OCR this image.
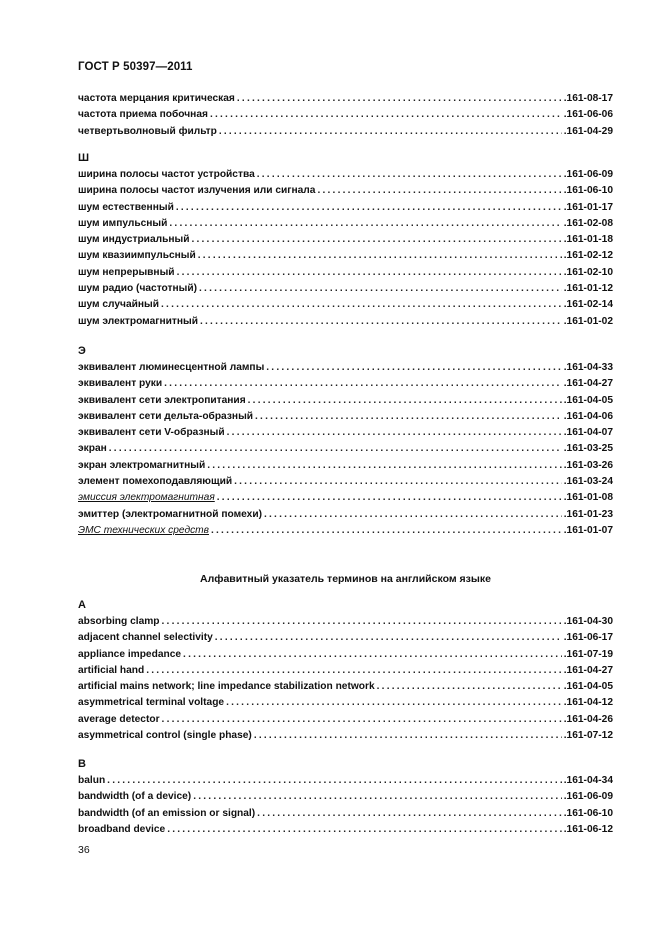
ГОСТ Р 50397—2011
частота мерцания критическая .....	.161-08-17
частота приема побочная .....	.161-06-06
четвертьволновый фильтр .....	.161-04-29
Ш
ширина полосы частот устройства .....	.161-06-09
ширина полосы частот излучения или сигнала .....	.161-06-10
шум естественный .....	.161-01-17
шум импульсный .....	.161-02-08
шум индустриальный .....	.161-01-18
шум квазиимпульсный .....	.161-02-12
шум непрерывный .....	.161-02-10
шум радио (частотный) .....	.161-01-12
шум случайный .....	.161-02-14
шум электромагнитный .....	.161-01-02
Э
эквивалент люминесцентной лампы .....	.161-04-33
эквивалент руки .....	.161-04-27
эквивалент сети электропитания .....	.161-04-05
эквивалент сети дельта-образный .....	.161-04-06
эквивалент сети V-образный .....	.161-04-07
экран .....	.161-03-25
экран электромагнитный .....	.161-03-26
элемент помехоподавляющий .....	.161-03-24
эмиссия электромагнитная .....	.161-01-08
эмиттер (электромагнитной помехи) .....	.161-01-23
ЭМС технических средств .....	.161-01-07
Алфавитный указатель терминов на английском языке
A
absorbing clamp .....	.161-04-30
adjacent channel selectivity .....	.161-06-17
appliance impedance .....	.161-07-19
artificial hand .....	.161-04-27
artificial mains network; line impedance stabilization network .....	.161-04-05
asymmetrical terminal voltage .....	.161-04-12
average detector .....	.161-04-26
asymmetrical control (single phase) .....	.161-07-12
B
balun .....	.161-04-34
bandwidth (of a device) .....	.161-06-09
bandwidth (of an emission or signal) .....	.161-06-10
broadband device .....	.161-06-12
36
